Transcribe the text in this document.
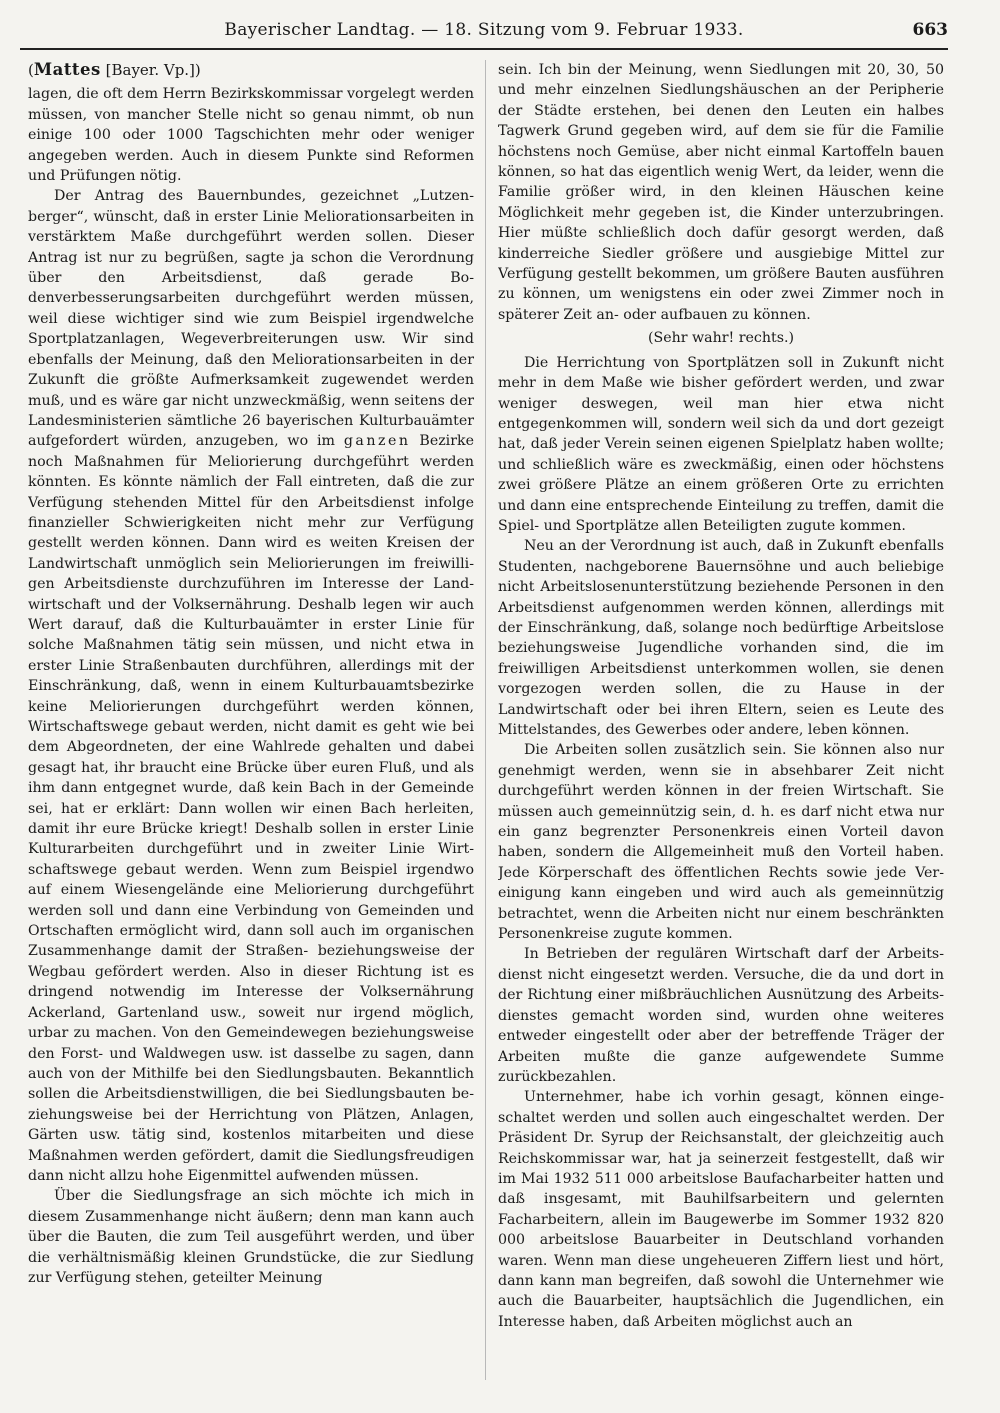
Bayerischer Landtag. — 18. Sitzung vom 9. Februar 1933.	663
(Mattes [Bayer. Vp.])

lagen, die oft dem Herrn Bezirkskommissar vorgelegt werden müssen, von mancher Stelle nicht so genau nimmt, ob nun einige 100 oder 1000 Tagschichten mehr oder weniger angegeben werden. Auch in diesem Punkte sind Reformen und Prüfungen nötig.

Der Antrag des Bauernbundes, gezeichnet „Lutzenberger“, wünscht, daß in erster Linie Meliorationsarbeiten in verstärktem Maße durchgeführt werden sollen. Dieser Antrag ist nur zu begrüßen, sagte ja schon die Verordnung über den Arbeitsdienst, daß gerade Bodenverbesserungsarbeiten durchgeführt werden müssen, weil diese wichtiger sind wie zum Beispiel irgendwelche Sportplatzanlagen, Wegeverbreiterungen usw. Wir sind ebenfalls der Meinung, daß den Meliorationsarbeiten in der Zukunft die größte Aufmerksamkeit zugewendet werden muß, und es wäre gar nicht unzweckmäßig, wenn seitens der Landesministerien sämtliche 26 bayerischen Kulturbauämter aufgefordert würden, anzugeben, wo im ganzen Bezirke noch Maßnahmen für Meliorierung durchgeführt werden könnten. Es könnte nämlich der Fall eintreten, daß die zur Verfügung stehenden Mittel für den Arbeitsdienst infolge finanzieller Schwierigkeiten nicht mehr zur Verfügung gestellt werden können. Dann wird es weiten Kreisen der Landwirtschaft unmöglich sein Meliorierungen im freiwilligen Arbeitsdienste durchzuführen im Interesse der Landwirtschaft und der Volksernährung. Deshalb legen wir auch Wert darauf, daß die Kulturbauämter in erster Linie für solche Maßnahmen tätig sein müssen, und nicht etwa in erster Linie Straßenbauten durchführen, allerdings mit der Einschränkung, daß, wenn in einem Kulturbauamtsbezirke keine Meliorierungen durchgeführt werden können, Wirtschaftswege gebaut werden, nicht damit es geht wie bei dem Abgeordneten, der eine Wahlrede gehalten und dabei gesagt hat, ihr braucht eine Brücke über euren Fluß, und als ihm dann entgegnet wurde, daß kein Bach in der Gemeinde sei, hat er erklärt: Dann wollen wir einen Bach herleiten, damit ihr eure Brücke kriegt! Deshalb sollen in erster Linie Kulturarbeiten durchgeführt und in zweiter Linie Wirtschaftswege gebaut werden. Wenn zum Beispiel irgendwo auf einem Wiesengelände eine Meliorierung durchgeführt werden soll und dann eine Verbindung von Gemeinden und Ortschaften ermöglicht wird, dann soll auch im organischen Zusammenhange damit der Straßen- beziehungsweise der Wegbau gefördert werden. Also in dieser Richtung ist es dringend notwendig im Interesse der Volksernährung Ackerland, Gartenland usw., soweit nur irgend möglich, urbar zu machen. Von den Gemeindewegen beziehungsweise den Forst- und Waldwegen usw. ist dasselbe zu sagen, dann auch von der Mithilfe bei den Siedlungsbauten. Bekanntlich sollen die Arbeitsdienstwilligen, die bei Siedlungsbauten beziehungsweise bei der Herrichtung von Plätzen, Anlagen, Gärten usw. tätig sind, kostenlos mitarbeiten und diese Maßnahmen werden gefördert, damit die Siedlungsfreudigen dann nicht allzu hohe Eigenmittel aufwenden müssen.

Über die Siedlungsfrage an sich möchte ich mich in diesem Zusammenhange nicht äußern; denn man kann auch über die Bauten, die zum Teil ausgeführt werden, und über die verhältnismäßig kleinen Grundstücke, die zur Siedlung zur Verfügung stehen, geteilter Meinung

sein. Ich bin der Meinung, wenn Siedlungen mit 20, 30, 50 und mehr einzelnen Siedlungshäuschen an der Peripherie der Städte erstehen, bei denen den Leuten ein halbes Tagwerk Grund gegeben wird, auf dem sie für die Familie höchstens noch Gemüse, aber nicht einmal Kartoffeln bauen können, so hat das eigentlich wenig Wert, da leider, wenn die Familie größer wird, in den kleinen Häuschen keine Möglichkeit mehr gegeben ist, die Kinder unterzubringen. Hier müßte schließlich doch dafür gesorgt werden, daß kinderreiche Siedler größere und ausgiebige Mittel zur Verfügung gestellt bekommen, um größere Bauten ausführen zu können, um wenigstens ein oder zwei Zimmer noch in späterer Zeit an- oder aufbauen zu können.

(Sehr wahr! rechts.)

Die Herrichtung von Sportplätzen soll in Zukunft nicht mehr in dem Maße wie bisher gefördert werden, und zwar weniger deswegen, weil man hier etwa nicht entgegenkommen will, sondern weil sich da und dort gezeigt hat, daß jeder Verein seinen eigenen Spielplatz haben wollte; und schließlich wäre es zweckmäßig, einen oder höchstens zwei größere Plätze an einem größeren Orte zu errichten und dann eine entsprechende Einteilung zu treffen, damit die Spiel- und Sportplätze allen Beteiligten zugute kommen.

Neu an der Verordnung ist auch, daß in Zukunft ebenfalls Studenten, nachgeborene Bauernsöhne und auch beliebige nicht Arbeitslosenunterstützung beziehende Personen in den Arbeitsdienst aufgenommen werden können, allerdings mit der Einschränkung, daß, solange noch bedürftige Arbeitslose beziehungsweise Jugendliche vorhanden sind, die im freiwilligen Arbeitsdienst unterkommen wollen, sie denen vorgezogen werden sollen, die zu Hause in der Landwirtschaft oder bei ihren Eltern, seien es Leute des Mittelstandes, des Gewerbes oder andere, leben können.

Die Arbeiten sollen zusätzlich sein. Sie können also nur genehmigt werden, wenn sie in absehbarer Zeit nicht durchgeführt werden können in der freien Wirtschaft. Sie müssen auch gemeinnützig sein, d. h. es darf nicht etwa nur ein ganz begrenzter Personenkreis einen Vorteil davon haben, sondern die Allgemeinheit muß den Vorteil haben. Jede Körperschaft des öffentlichen Rechts sowie jede Vereinigung kann eingeben und wird auch als gemeinnützig betrachtet, wenn die Arbeiten nicht nur einem beschränkten Personenkreise zugute kommen.

In Betrieben der regulären Wirtschaft darf der Arbeitsdienst nicht eingesetzt werden. Versuche, die da und dort in der Richtung einer mißbräuchlichen Ausnützung des Arbeitsdienstes gemacht worden sind, wurden ohne weiteres entweder eingestellt oder aber der betreffende Träger der Arbeiten mußte die ganze aufgewendete Summe zurückbezahlen.

Unternehmer, habe ich vorhin gesagt, können eingeschaltet werden und sollen auch eingeschaltet werden. Der Präsident Dr. Syrup der Reichsanstalt, der gleichzeitig auch Reichskommissar war, hat ja seinerzeit festgestellt, daß wir im Mai 1932 511 000 arbeitslose Baufacharbeiter hatten und daß insgesamt, mit Bauhilfsarbeitern und gelernten Facharbeitern, allein im Baugewerbe im Sommer 1932 820 000 arbeitslose Bauarbeiter in Deutschland vorhanden waren. Wenn man diese ungeheueren Ziffern liest und hört, dann kann man begreifen, daß sowohl die Unternehmer wie auch die Bauarbeiter, hauptsächlich die Jugendlichen, ein Interesse haben, daß Arbeiten möglichst auch an
